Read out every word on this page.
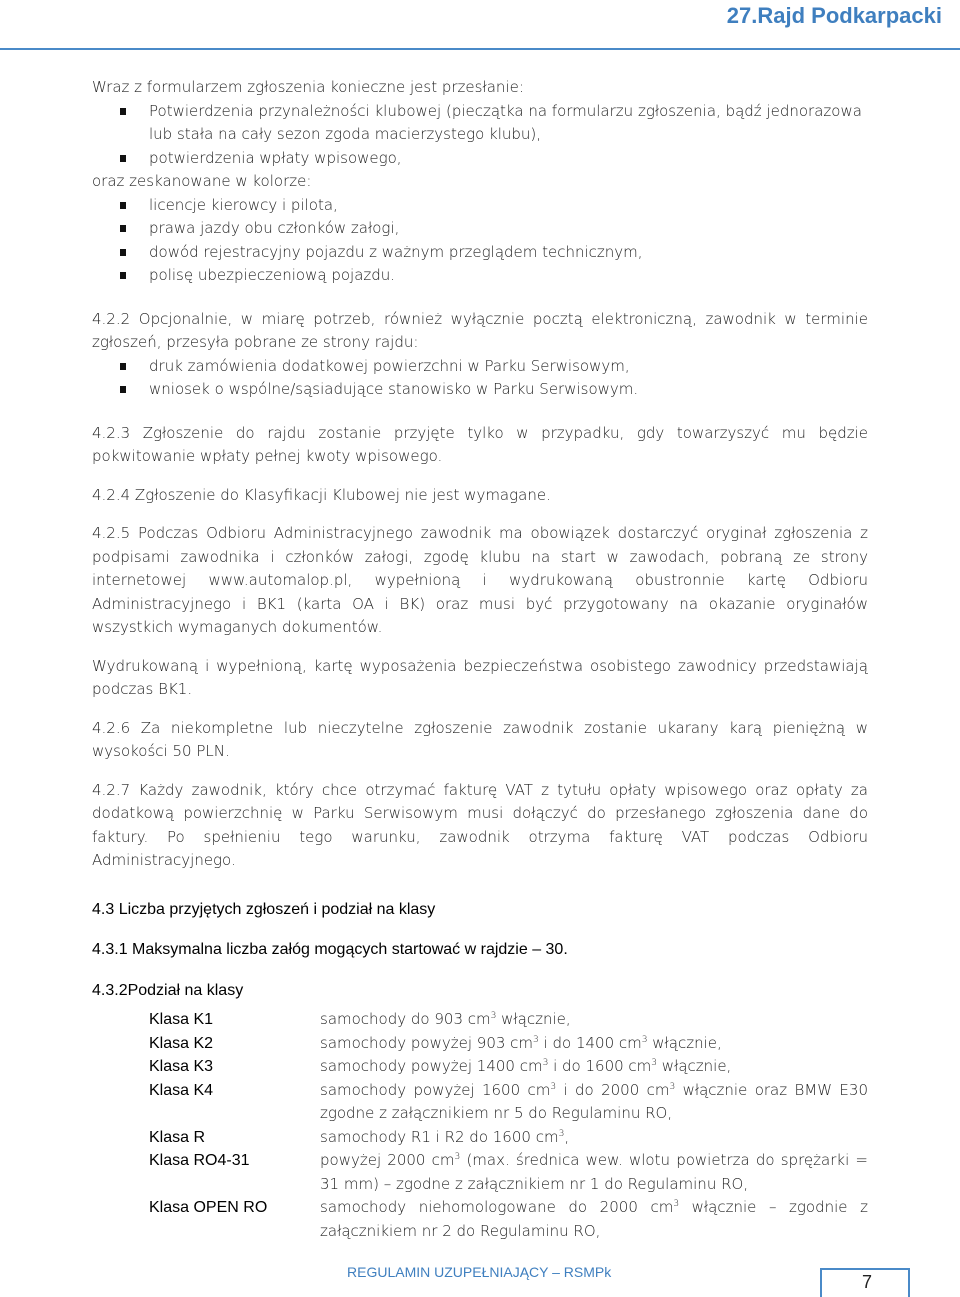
27.Rajd Podkarpacki

Wraz z formularzem zgłoszenia konieczne jest przesłanie:

Potwierdzenia przynależności klubowej (pieczątka na formularzu zgłoszenia, bądź jednorazowa lub stała na cały sezon zgoda macierzystego klubu),
potwierdzenia wpłaty wpisowego,

oraz zeskanowane w kolorze:

licencje kierowcy i pilota,
prawa jazdy obu członków załogi,
dowód rejestracyjny pojazdu z ważnym przeglądem technicznym,
polisę ubezpieczeniową pojazdu.

4.2.2 Opcjonalnie, w miarę potrzeb, również wyłącznie pocztą elektroniczną, zawodnik w terminie zgłoszeń, przesyła pobrane ze strony rajdu:

druk zamówienia dodatkowej powierzchni w Parku Serwisowym,
wniosek o wspólne/sąsiadujące stanowisko w Parku Serwisowym.

4.2.3 Zgłoszenie do rajdu zostanie przyjęte tylko w przypadku, gdy towarzyszyć mu będzie pokwitowanie wpłaty pełnej kwoty wpisowego.

4.2.4 Zgłoszenie do Klasyfikacji Klubowej nie jest wymagane.

4.2.5 Podczas Odbioru Administracyjnego zawodnik ma obowiązek dostarczyć oryginał zgłoszenia z podpisami zawodnika i członków załogi, zgodę klubu na start w zawodach, pobraną ze strony internetowej www.automalop.pl, wypełnioną i wydrukowaną obustronnie kartę Odbioru Administracyjnego i BK1 (karta OA i BK) oraz musi być przygotowany na okazanie oryginałów wszystkich wymaganych dokumentów.

Wydrukowaną i wypełnioną, kartę wyposażenia bezpieczeństwa osobistego zawodnicy przedstawiają podczas BK1.

4.2.6 Za niekompletne lub nieczytelne zgłoszenie zawodnik zostanie ukarany karą pieniężną w wysokości 50 PLN.

4.2.7 Każdy zawodnik, który chce otrzymać fakturę VAT z tytułu opłaty wpisowego oraz opłaty za dodatkową powierzchnię w Parku Serwisowym musi dołączyć do przesłanego zgłoszenia dane do faktury. Po spełnieniu tego warunku, zawodnik otrzyma fakturę VAT podczas Odbioru Administracyjnego.

4.3 Liczba przyjętych zgłoszeń i podział na klasy

4.3.1 Maksymalna liczba załóg mogących startować w rajdzie – 30.

4.3.2Podział na klasy

Klasa K1	samochody do 903 $cm^3$ włącznie,
Klasa K2	samochody powyżej 903 $cm^3$ i do 1400 $cm^3$ włącznie,
Klasa K3	samochody powyżej 1400 $cm^3$ i do 1600 $cm^3$ włącznie,
Klasa K4	samochody powyżej 1600 $cm^3$ i do 2000 $cm^3$ włącznie oraz BMW E30 zgodne z załącznikiem nr 5 do Regulaminu RO,
Klasa R	samochody R1 i R2 do 1600 $cm^3$,
Klasa RO4-31	powyżej 2000 $cm^3$ (max. średnica wew. wlotu powietrza do sprężarki = 31 mm) – zgodne z załącznikiem nr 1 do Regulaminu RO,
Klasa OPEN RO	samochody niehomologowane do 2000 $cm^3$ włącznie – zgodnie z załącznikiem nr 2 do Regulaminu RO,
REGULAMIN UZUPEŁNIAJĄCY – RSMPk	7
